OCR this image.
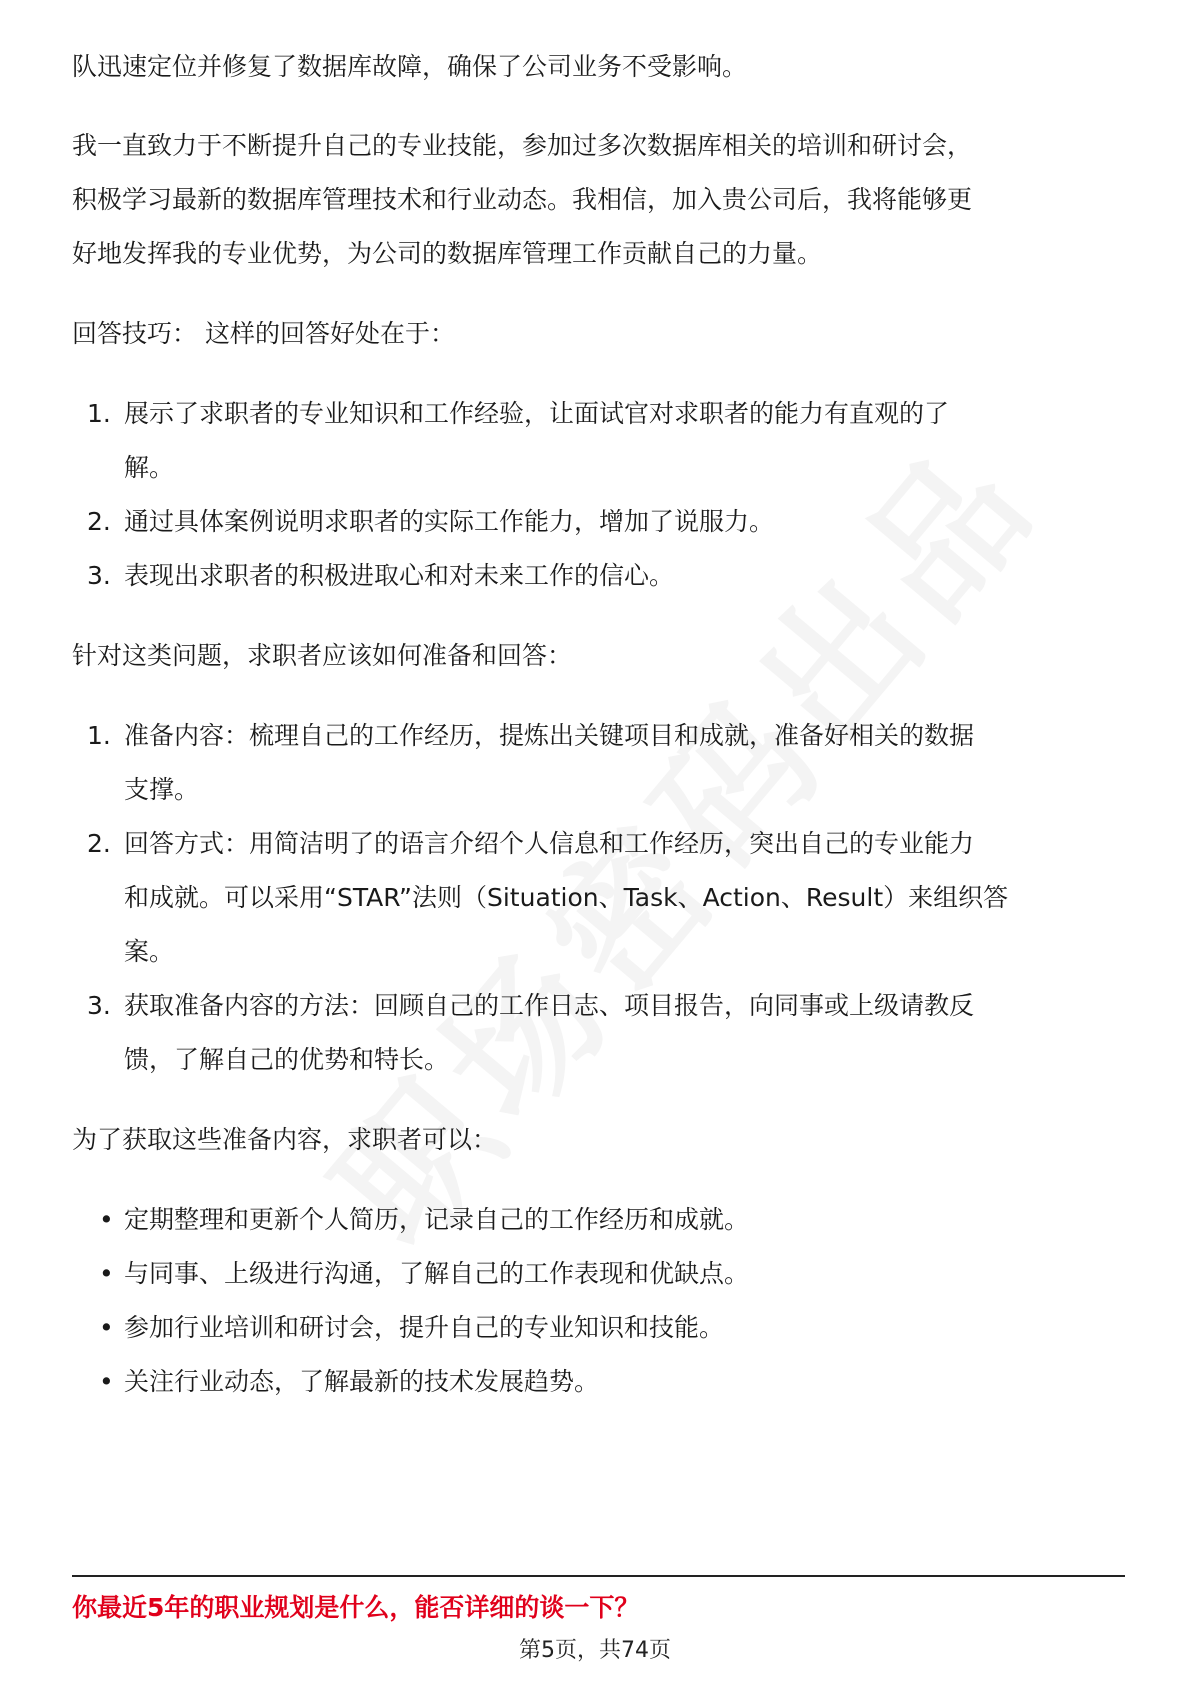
队迅速定位并修复了数据库故障，确保了公司业务不受影响。

我一直致力于不断提升自己的专业技能，参加过多次数据库相关的培训和研讨会，

积极学习最新的数据库管理技术和行业动态。我相信，加入贵公司后，我将能够更

好地发挥我的专业优势，为公司的数据库管理工作贡献自己的力量。

回答技巧： 这样的回答好处在于：

1. 展示了求职者的专业知识和工作经验，让面试官对求职者的能力有直观的了
解。
2. 通过具体案例说明求职者的实际工作能力，增加了说服力。
3. 表现出求职者的积极进取心和对未来工作的信心。

针对这类问题，求职者应该如何准备和回答：

1. 准备内容：梳理自己的工作经历，提炼出关键项目和成就，准备好相关的数据
支撑。
2. 回答方式：用简洁明了的语言介绍个人信息和工作经历，突出自己的专业能力
和成就。可以采用“STAR”法则（Situation、Task、Action、Result）来组织答
案。
3. 获取准备内容的方法：回顾自己的工作日志、项目报告，向同事或上级请教反
馈，了解自己的优势和特长。

为了获取这些准备内容，求职者可以：

• 定期整理和更新个人简历，记录自己的工作经历和成就。
• 与同事、上级进行沟通，了解自己的工作表现和优缺点。
• 参加行业培训和研讨会，提升自己的专业知识和技能。
• 关注行业动态，了解最新的技术发展趋势。

你最近5年的职业规划是什么，能否详细的谈一下？

第5页，共74页
